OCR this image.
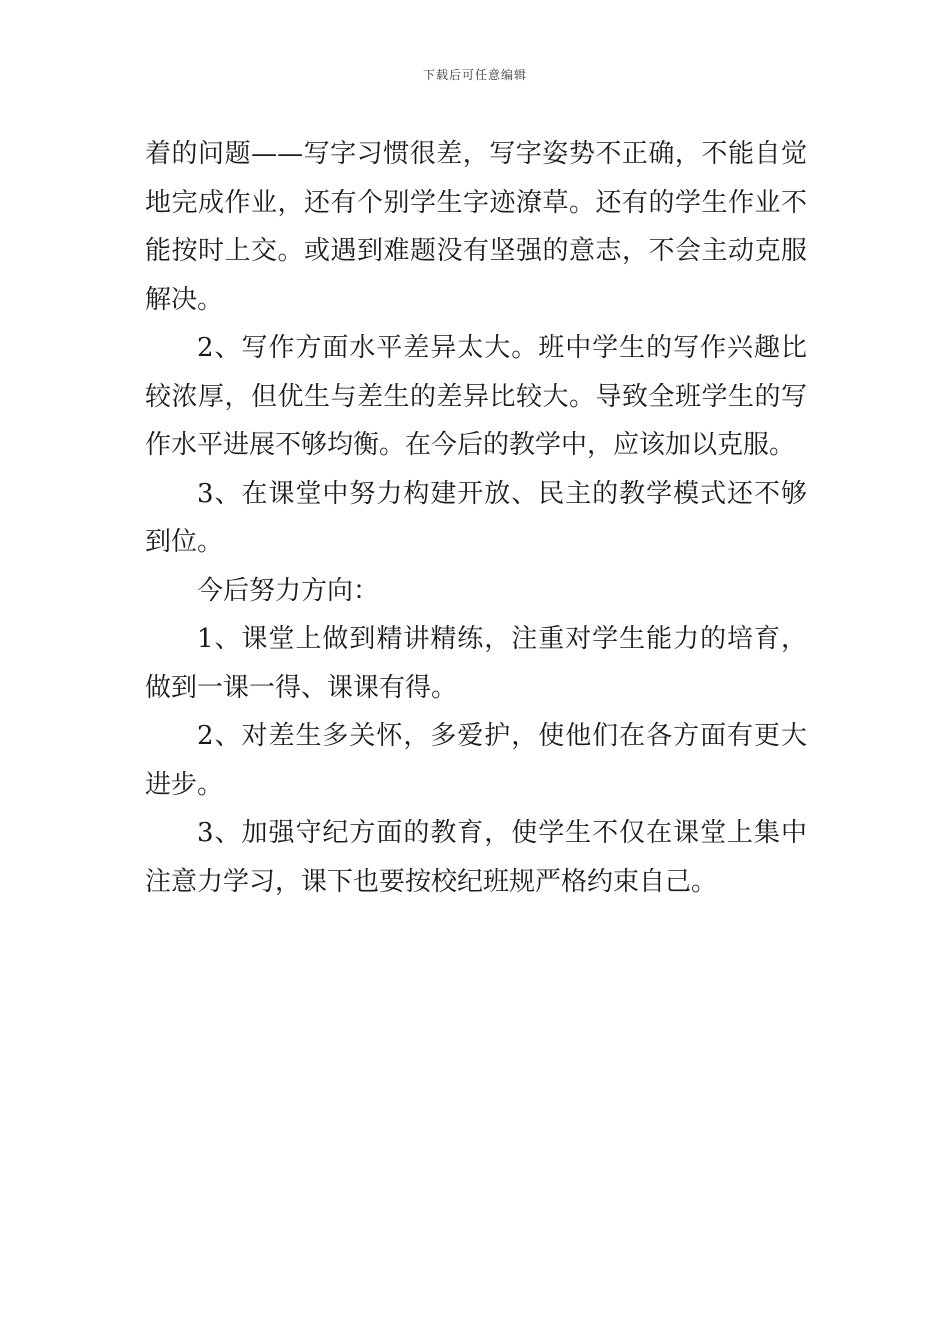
下载后可任意编辑

着的问题——写字习惯很差，写字姿势不正确，不能自觉地完成作业，还有个别学生字迹潦草。还有的学生作业不能按时上交。或遇到难题没有坚强的意志，不会主动克服解决。

2、写作方面水平差异太大。班中学生的写作兴趣比较浓厚，但优生与差生的差异比较大。导致全班学生的写作水平进展不够均衡。在今后的教学中，应该加以克服。

3、在课堂中努力构建开放、民主的教学模式还不够到位。

今后努力方向：

1、课堂上做到精讲精练，注重对学生能力的培育，做到一课一得、课课有得。

2、对差生多关怀，多爱护，使他们在各方面有更大进步。

3、加强守纪方面的教育，使学生不仅在课堂上集中注意力学习，课下也要按校纪班规严格约束自己。
